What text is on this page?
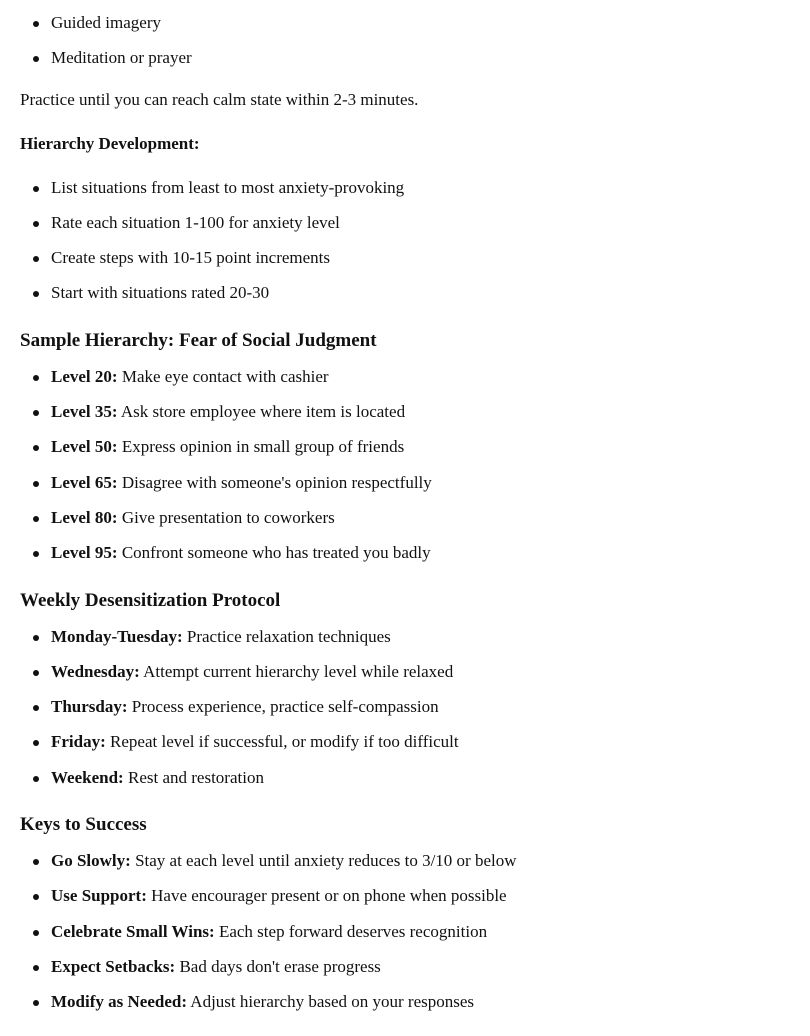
Guided imagery
Meditation or prayer
Practice until you can reach calm state within 2-3 minutes.
Hierarchy Development:
List situations from least to most anxiety-provoking
Rate each situation 1-100 for anxiety level
Create steps with 10-15 point increments
Start with situations rated 20-30
Sample Hierarchy: Fear of Social Judgment
Level 20: Make eye contact with cashier
Level 35: Ask store employee where item is located
Level 50: Express opinion in small group of friends
Level 65: Disagree with someone's opinion respectfully
Level 80: Give presentation to coworkers
Level 95: Confront someone who has treated you badly
Weekly Desensitization Protocol
Monday-Tuesday: Practice relaxation techniques
Wednesday: Attempt current hierarchy level while relaxed
Thursday: Process experience, practice self-compassion
Friday: Repeat level if successful, or modify if too difficult
Weekend: Rest and restoration
Keys to Success
Go Slowly: Stay at each level until anxiety reduces to 3/10 or below
Use Support: Have encourager present or on phone when possible
Celebrate Small Wins: Each step forward deserves recognition
Expect Setbacks: Bad days don't erase progress
Modify as Needed: Adjust hierarchy based on your responses
